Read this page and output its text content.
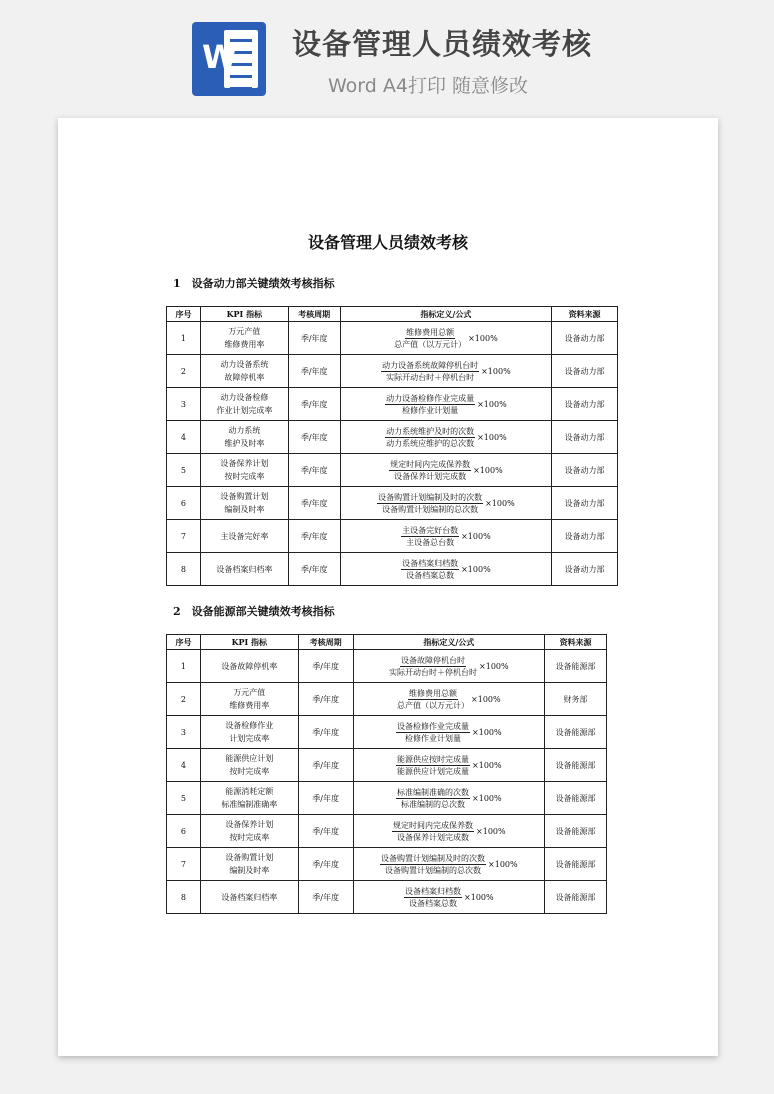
W 设备管理人员绩效考核
Word A4打印 随意修改
设备管理人员绩效考核
1　设备动力部关键绩效考核指标
序号	KPI 指标	考核周期	指标定义/公式	资料来源
1	万元产值
维修费用率	季/年度	$\frac{\text{维修费用总额}}{\text{总产值（以万元计）}} \times 100\%$	设备动力部
2	动力设备系统
故障停机率	季/年度	$\frac{\text{动力设备系统故障停机台时}}{\text{实际开动台时＋停机台时}} \times 100\%$	设备动力部
3	动力设备检修
作业计划完成率	季/年度	$\frac{\text{动力设备检修作业完成量}}{\text{检修作业计划量}} \times 100\%$	设备动力部
4	动力系统
维护及时率	季/年度	$\frac{\text{动力系统维护及时的次数}}{\text{动力系统应维护的总次数}} \times 100\%$	设备动力部
5	设备保养计划
按时完成率	季/年度	$\frac{\text{规定时间内完成保养数}}{\text{设备保养计划完成数}} \times 100\%$	设备动力部
6	设备购置计划
编制及时率	季/年度	$\frac{\text{设备购置计划编制及时的次数}}{\text{设备购置计划编制的总次数}} \times 100\%$	设备动力部
7	主设备完好率	季/年度	$\frac{\text{主设备完好台数}}{\text{主设备总台数}} \times 100\%$	设备动力部
8	设备档案归档率	季/年度	$\frac{\text{设备档案归档数}}{\text{设备档案总数}} \times 100\%$	设备动力部
2　设备能源部关键绩效考核指标
序号	KPI 指标	考核周期	指标定义/公式	资料来源
1	设备故障停机率	季/年度	$\frac{\text{设备故障停机台时}}{\text{实际开动台时＋停机台时}} \times 100\%$	设备能源部
2	万元产值
维修费用率	季/年度	$\frac{\text{维修费用总额}}{\text{总产值（以万元计）}} \times 100\%$	财务部
3	设备检修作业
计划完成率	季/年度	$\frac{\text{设备检修作业完成量}}{\text{检修作业计划量}} \times 100\%$	设备能源部
4	能源供应计划
按时完成率	季/年度	$\frac{\text{能源供应按时完成量}}{\text{能源供应计划完成量}} \times 100\%$	设备能源部
5	能源消耗定额
标准编制准确率	季/年度	$\frac{\text{标准编制准确的次数}}{\text{标准编制的总次数}} \times 100\%$	设备能源部
6	设备保养计划
按时完成率	季/年度	$\frac{\text{规定时间内完成保养数}}{\text{设备保养计划完成数}} \times 100\%$	设备能源部
7	设备购置计划
编制及时率	季/年度	$\frac{\text{设备购置计划编制及时的次数}}{\text{设备购置计划编制的总次数}} \times 100\%$	设备能源部
8	设备档案归档率	季/年度	$\frac{\text{设备档案归档数}}{\text{设备档案总数}} \times 100\%$	设备能源部
